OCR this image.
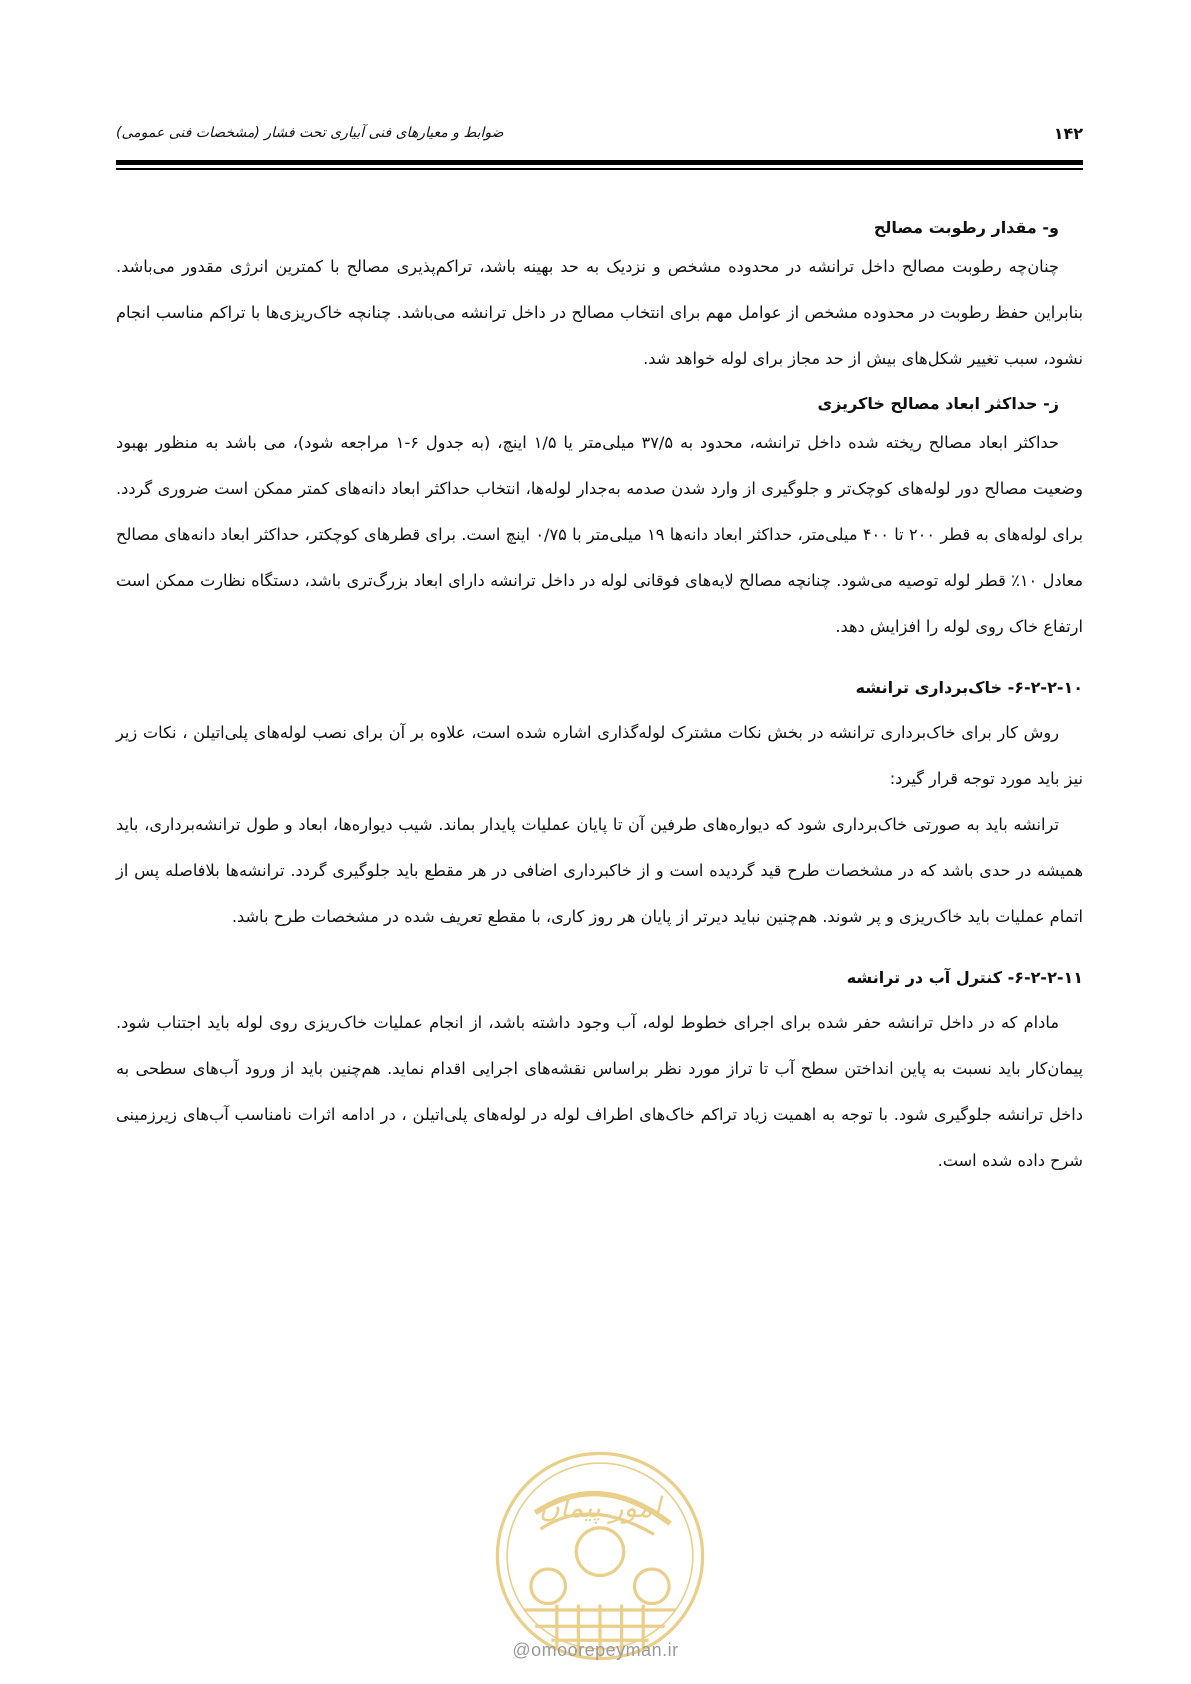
۱۴۲
ضوابط و معیارهای فنی آبیاری تحت فشار (مشخصات فنی عمومی)

و- مقدار رطوبت مصالح

چنان‌چه رطوبت مصالح داخل ترانشه در محدوده مشخص و نزدیک به حد بهینه باشد، تراکم‌پذیری مصالح با کمترین انرژی مقدور می‌باشد. بنابراین حفظ رطوبت در محدوده مشخص از عوامل مهم برای انتخاب مصالح در داخل ترانشه می‌باشد. چنانچه خاک‌ریزی‌ها با تراکم مناسب انجام نشود، سبب تغییر شکل‌های بیش از حد مجاز برای لوله خواهد شد.

ز- حداکثر ابعاد مصالح خاکریزی

حداکثر ابعاد مصالح ریخته شده داخل ترانشه، محدود به ۳۷/۵ میلی‌متر یا ۱/۵ اینچ، (به جدول ۶-۱ مراجعه شود)، می باشد به منظور بهبود وضعیت مصالح دور لوله‌های کوچک‌تر و جلوگیری از وارد شدن صدمه به‌جدار لوله‌ها، انتخاب حداکثر ابعاد دانه‌های کمتر ممکن است ضروری گردد. برای لوله‌های به قطر ۲۰۰ تا ۴۰۰ میلی‌متر، حداکثر ابعاد دانه‌ها ۱۹ میلی‌متر با ۰/۷۵ اینچ است. برای قطرهای کوچکتر، حداکثر ابعاد دانه‌های مصالح معادل ۱۰٪ قطر لوله توصیه می‌شود. چنانچه مصالح لایه‌های فوقانی لوله در داخل ترانشه دارای ابعاد بزرگ‌تری باشد، دستگاه نظارت ممکن است ارتفاع خاک روی لوله را افزایش دهد.

۶-۲-۲-۱۰- خاک‌برداری ترانشه

روش کار برای خاک‌برداری ترانشه در بخش نکات مشترک لوله‌گذاری اشاره شده است، علاوه بر آن برای نصب لوله‌های پلی‌اتیلن ، نکات زیر نیز باید مورد توجه قرار گیرد:

ترانشه باید به صورتی خاک‌برداری شود که دیواره‌های طرفین آن تا پایان عملیات پایدار بماند. شیب دیواره‌ها، ابعاد و طول ترانشه‌برداری، باید همیشه در حدی باشد که در مشخصات طرح قید گردیده است و از خاکبرداری اضافی در هر مقطع باید جلوگیری گردد. ترانشه‌ها بلافاصله پس از اتمام عملیات باید خاک‌ریزی و پر شوند. هم‌چنین نباید دیرتر از پایان هر روز کاری، با مقطع تعریف شده در مشخصات طرح باشد.

۶-۲-۲-۱۱- کنترل آب در ترانشه

مادام که در داخل ترانشه حفر شده برای اجرای خطوط لوله، آب وجود داشته باشد، از انجام عملیات خاک‌ریزی روی لوله باید اجتناب شود. پیمان‌کار باید نسبت به پاین انداختن سطح آب تا تراز مورد نظر براساس نقشه‌های اجرایی اقدام نماید. هم‌چنین باید از ورود آب‌های سطحی به داخل ترانشه جلوگیری شود. با توجه به اهمیت زیاد تراکم خاک‌های اطراف لوله در لوله‌های پلی‌اتیلن ، در ادامه اثرات نامناسب آب‌های زیرزمینی شرح داده شده است.

امور پیمان
@omoorepeyman.ir
